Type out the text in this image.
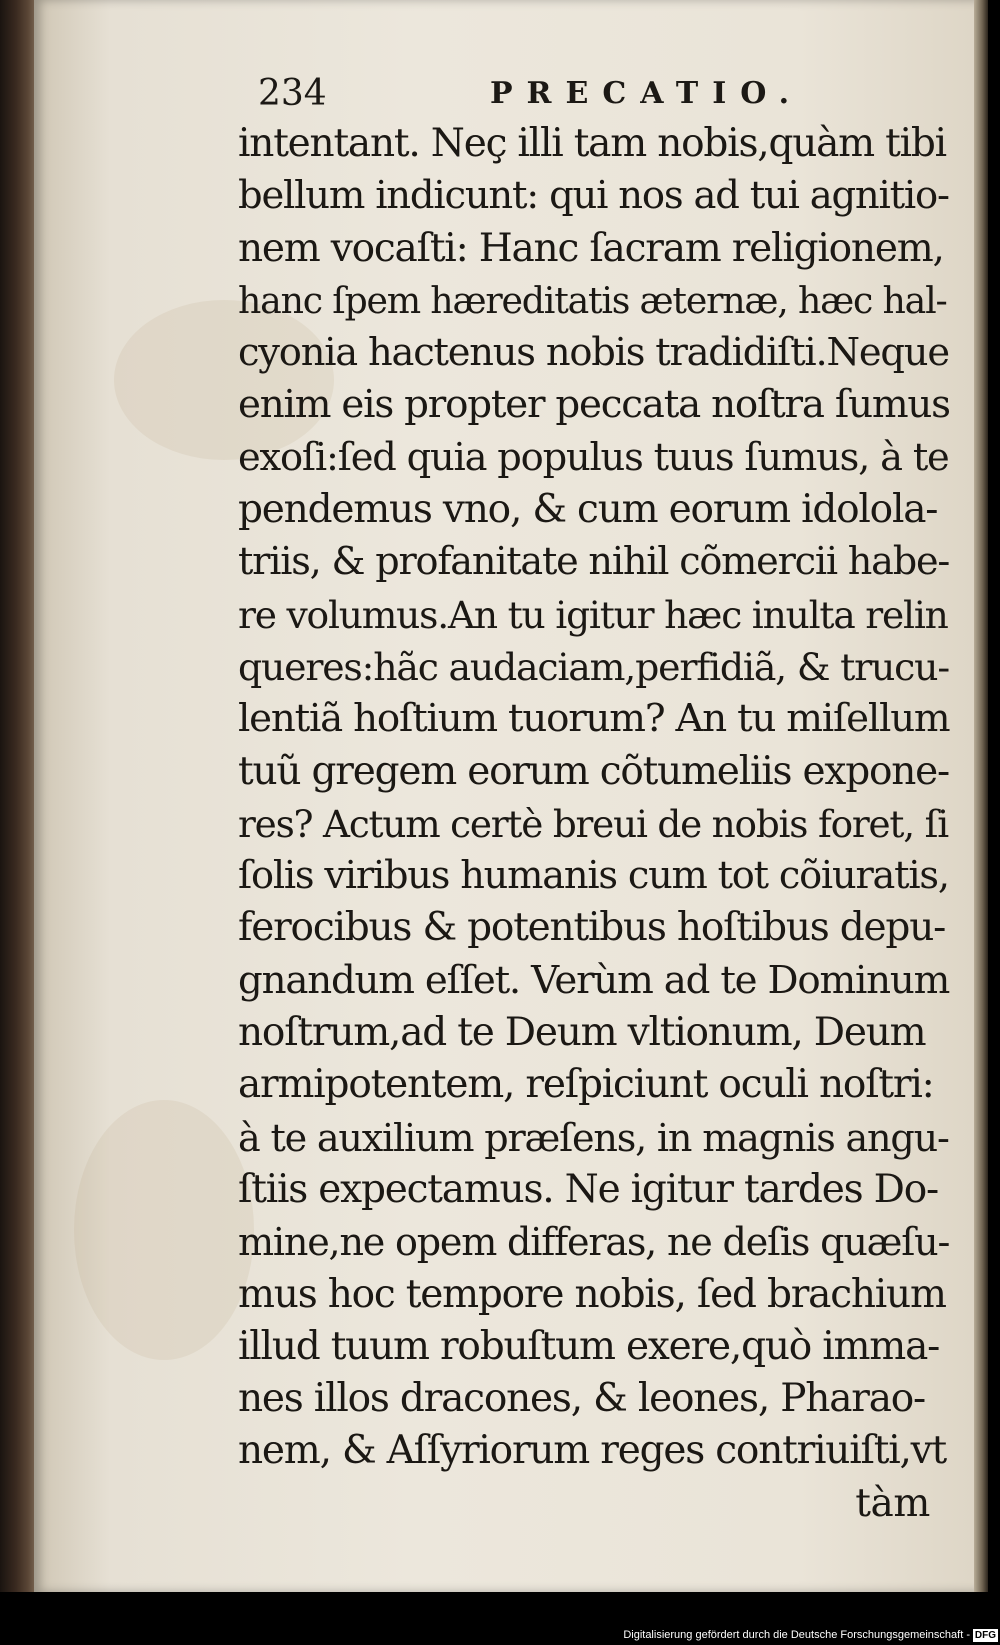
234	PRECATIO.
intentant. Neç illi tam nobis,quàm tibi
bellum indicunt: qui nos ad tui agnitio-
nem vocaſti: Hanc ſacram religionem,
hanc ſpem hæreditatis æternæ, hæc hal-
cyonia hactenus nobis tradidiſti.Neque
enim eis propter peccata noſtra ſumus
exoſi:ſed quia populus tuus ſumus, à te
pendemus vno, & cum eorum idolola-
triis, & profanitate nihil cõmercii habe-
re volumus.An tu igitur hæc inulta relin
queres:hãc audaciam,perfidiã, & trucu-
lentiã hoſtium tuorum? An tu miſellum
tuũ gregem eorum cõtumeliis expone-
res? Actum certè breui de nobis foret, ſi
ſolis viribus humanis cum tot cõiuratis,
ferocibus & potentibus hoſtibus depu-
gnandum eſſet. Verùm ad te Dominum
noſtrum,ad te Deum vltionum, Deum
armipotentem, reſpiciunt oculi noſtri:
à te auxilium præſens, in magnis angu-
ſtiis expectamus. Ne igitur tardes Do-
mine,ne opem differas, ne deſis quæſu-
mus hoc tempore nobis, ſed brachium
illud tuum robuſtum exere,quò imma-
nes illos dracones, & leones, Pharao-
nem, & Aſſyriorum reges contriuiſti,vt
tàm
Digitalisierung gefördert durch die Deutsche Forschungsgemeinschaft - DFG
